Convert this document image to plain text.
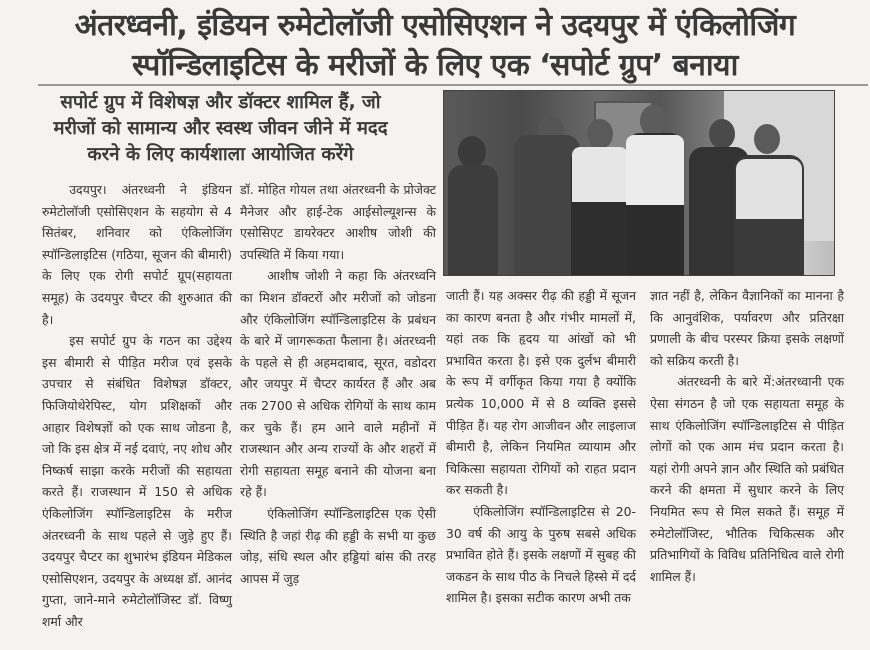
अंतरध्वनी, इंडियन रुमेटोलॉजी एसोसिएशन ने उदयपुर में एंकिलोजिंग
स्पॉन्डिलाइटिस के मरीजों के लिए एक ‘सपोर्ट ग्रुप’ बनाया
सपोर्ट ग्रुप में विशेषज्ञ और डॉक्टर शामिल हैं, जो
मरीजों को सामान्य और स्वस्थ जीवन जीने में मदद
करने के लिए कार्यशाला आयोजित करेंगे

उदयपुर। अंतरध्वनी ने इंडियन रुमेटोलॉजी एसोसिएशन के सहयोग से 4 सितंबर, शनिवार को एंकिलोजिंग स्पॉन्डिलाइटिस (गठिया, सूजन की बीमारी) के लिए एक रोगी सपोर्ट ग्रूप(सहायता समूह) के उदयपुर चैप्टर की शुरुआत की है।

इस सपोर्ट ग्रुप के गठन का उद्देश्य इस बीमारी से पीड़ित मरीज एवं इसके उपचार से संबंधित विशेषज्ञ डॉक्टर, फिजियोथेरेपिस्ट, योग प्रशिक्षकों और आहार विशेषज्ञों को एक साथ जोडना है, जो कि इस क्षेत्र में नई दवाएं, नए शोध और निष्कर्ष साझा करके मरीजों की सहायता करते हैं। राजस्थान में 150 से अधिक एंकिलोजिंग स्पॉन्डिलाइटिस के मरीज अंतरध्वनी के साथ पहले से जुड़े हुए हैं। उदयपुर चैप्टर का शुभारंभ इंडियन मेडिकल एसोसिएशन, उदयपुर के अध्यक्ष डॉ. आनंद गुप्ता, जाने-माने रुमेटोलॉजिस्ट डॉ. विष्णु शर्मा और

डॉ. मोहित गोयल तथा अंतरध्वनी के प्रोजेक्ट मैनेजर और हाई-टेक आईसोल्यूशन्स के एसोसिएट डायरेक्टर आशीष जोशी की उपस्थिति में किया गया।

आशीष जोशी ने कहा कि अंतरध्वनि का मिशन डॉक्टरों और मरीजों को जोडना और एंकिलोजिंग स्पॉन्डिलाइटिस के प्रबंधन के बारे में जागरूकता फैलाना है। अंतरध्वनी के पहले से ही अहमदाबाद, सूरत, वडोदरा और जयपुर में चैप्टर कार्यरत हैं और अब तक 2700 से अधिक रोगियों के साथ काम कर चुके हैं। हम आने वाले महीनों में राजस्थान और अन्य राज्यों के और शहरों में रोगी सहायता समूह बनाने की योजना बना रहे हैं।

एंकिलोजिंग स्पॉन्डिलाइटिस एक ऐसी स्थिति है जहां रीढ़ की हड्डी के सभी या कुछ जोड़, संधि स्थल और हड्डियां बांस की तरह आपस में जुड़

जाती हैं। यह अक्सर रीढ़ की हड्डी में सूजन का कारण बनता है और गंभीर मामलों में, यहां तक कि हृदय या आंखों को भी प्रभावित करता है। इसे एक दुर्लभ बीमारी के रूप में वर्गीकृत किया गया है क्योंकि प्रत्येक 10,000 में से 8 व्यक्ति इससे पीड़ित हैं। यह रोग आजीवन और लाइलाज बीमारी है, लेकिन नियमित व्यायाम और चिकित्सा सहायता रोगियों को राहत प्रदान कर सकती है।

एंकिलोजिंग स्पॉन्डिलाइटिस से 20-30 वर्ष की आयु के पुरुष सबसे अधिक प्रभावित होते हैं। इसके लक्षणों में सुबह की जकडन के साथ पीठ के निचले हिस्से में दर्द शामिल है। इसका सटीक कारण अभी तक

ज्ञात नहीं है, लेकिन वैज्ञानिकों का मानना है कि आनुवंशिक, पर्यावरण और प्रतिरक्षा प्रणाली के बीच परस्पर क्रिया इसके लक्षणों को सक्रिय करती है।

अंतरध्वनी के बारे में:अंतरध्वानी एक ऐसा संगठन है जो एक सहायता समूह के साथ एंकिलोजिंग स्पॉन्डिलाइटिस से पीड़ित लोगों को एक आम मंच प्रदान करता है। यहां रोगी अपने ज्ञान और स्थिति को प्रबंधित करने की क्षमता में सुधार करने के लिए नियमित रूप से मिल सकते हैं। समूह में रुमेटोलॉजिस्ट, भौतिक चिकित्सक और प्रतिभागियों के विविध प्रतिनिधित्व वाले रोगी शामिल हैं।
